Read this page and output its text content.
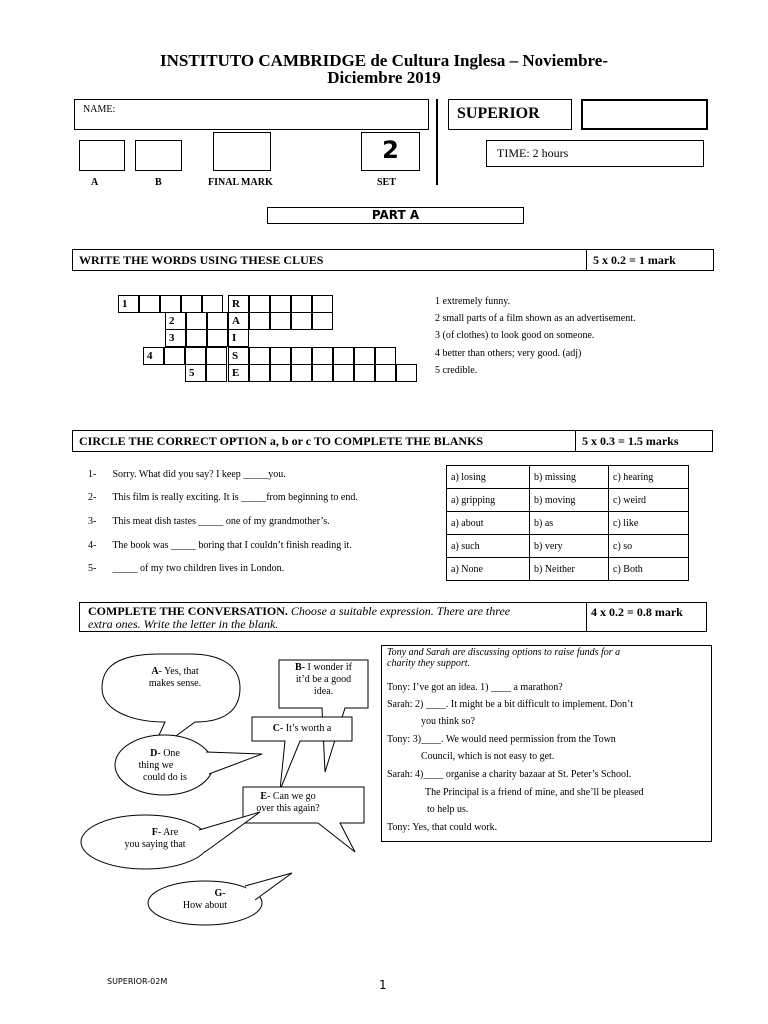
INSTITUTO CAMBRIDGE de Cultura Inglesa – Noviembre-
Diciembre 2019
NAME:	SUPERIOR
2	TIME: 2 hours
A	B	FINAL MARK	SET
PART A
WRITE THE WORDS USING THESE CLUES	5 x 0.2 = 1 mark
1	R
2	A
3	I
4	S
5	E
1 extremely funny.
2 small parts of a film shown as an advertisement.
3 (of clothes) to look good on someone.
4 better than others; very good. (adj)
5 credible.
CIRCLE THE CORRECT OPTION a, b or c TO COMPLETE THE BLANKS	5 x 0.3 = 1.5 marks
1- Sorry. What did you say? I keep _____you.
2- This film is really exciting. It is _____from beginning to end.
3- This meat dish tastes _____ one of my grandmother’s.
4- The book was _____ boring that I couldn’t finish reading it.
5- _____ of my two children lives in London.
a) losing	b) missing	c) hearing
a) gripping	b) moving	c) weird
a) about	b) as	c) like
a) such	b) very	c) so
a) None	b) Neither	c) Both
COMPLETE THE CONVERSATION. Choose a suitable expression. There are three
extra ones. Write the letter in the blank.
4 x 0.2 = 0.8 mark
A- Yes, that
makes sense.
B- I wonder if
it’d be a good
idea.
C- It’s worth a
D- One
thing we
could do is
E- Can we go
over this again?
F- Are
you saying that
G-
How about
Tony and Sarah are discussing options to raise funds for a
charity they support.
Tony: I’ve got an idea. 1) ____ a marathon?
Sarah: 2) ____. It might be a bit difficult to implement. Don’t
you think so?
Tony: 3)____. We would need permission from the Town
Council, which is not easy to get.
Sarah: 4)____ organise a charity bazaar at St. Peter’s School.
The Principal is a friend of mine, and she’ll be pleased
to help us.
Tony: Yes, that could work.
SUPERIOR-02M	1
